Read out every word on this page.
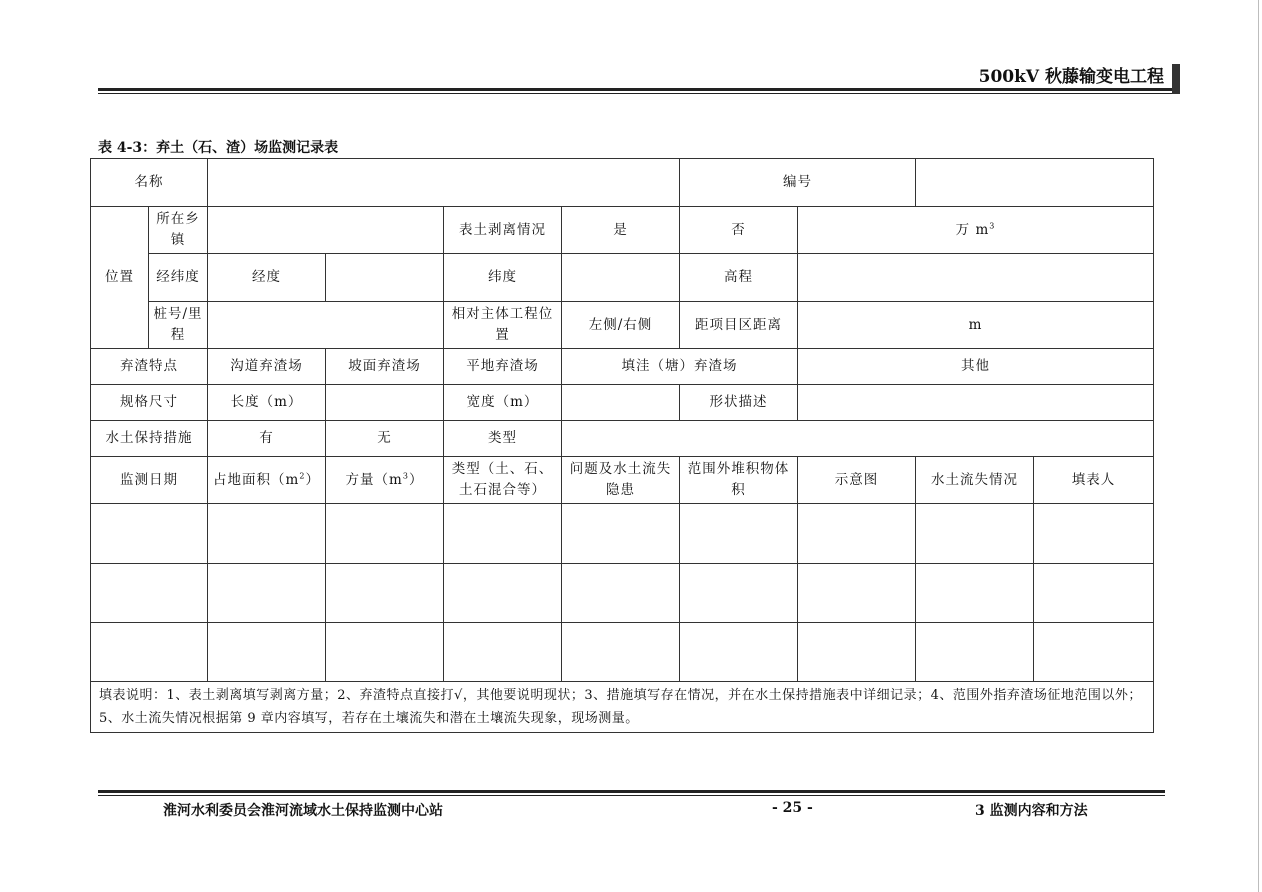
500kV 秋藤输变电工程
表 4-3：弃土（石、渣）场监测记录表
名称						编号			
位置	所在乡镇			表土剥离情况	是	否	万 $m^3$
	经纬度	经度		纬度		高程			
	桩号/里程			相对主体工程位置	左侧/右侧	距项目区距离	m		
弃渣特点		沟道弃渣场	坡面弃渣场	平地弃渣场	填洼（塘）弃渣场		其他		
规格尺寸		长度（m）		宽度（m）		形状描述			
水土保持措施		有	无	类型					
监测日期		占地面积$(m^2)$	方量$(m^3)$	类型（土、石、土石混合等）	问题及水土流失隐患	范围外堆积物体积	示意图	水土流失情况	填表人

填表说明：1、表土剥离填写剥离方量；2、弃渣特点直接打√，其他要说明现状；3、措施填写存在情况，并在水土保持措施表中详细记录；4、范围外指弃渣场征地范围以外；5、水土流失情况根据第 9 章内容填写，若存在土壤流失和潜在土壤流失现象，现场测量。									
淮河水利委员会淮河流域水土保持监测中心站	- 25 -	3 监测内容和方法
